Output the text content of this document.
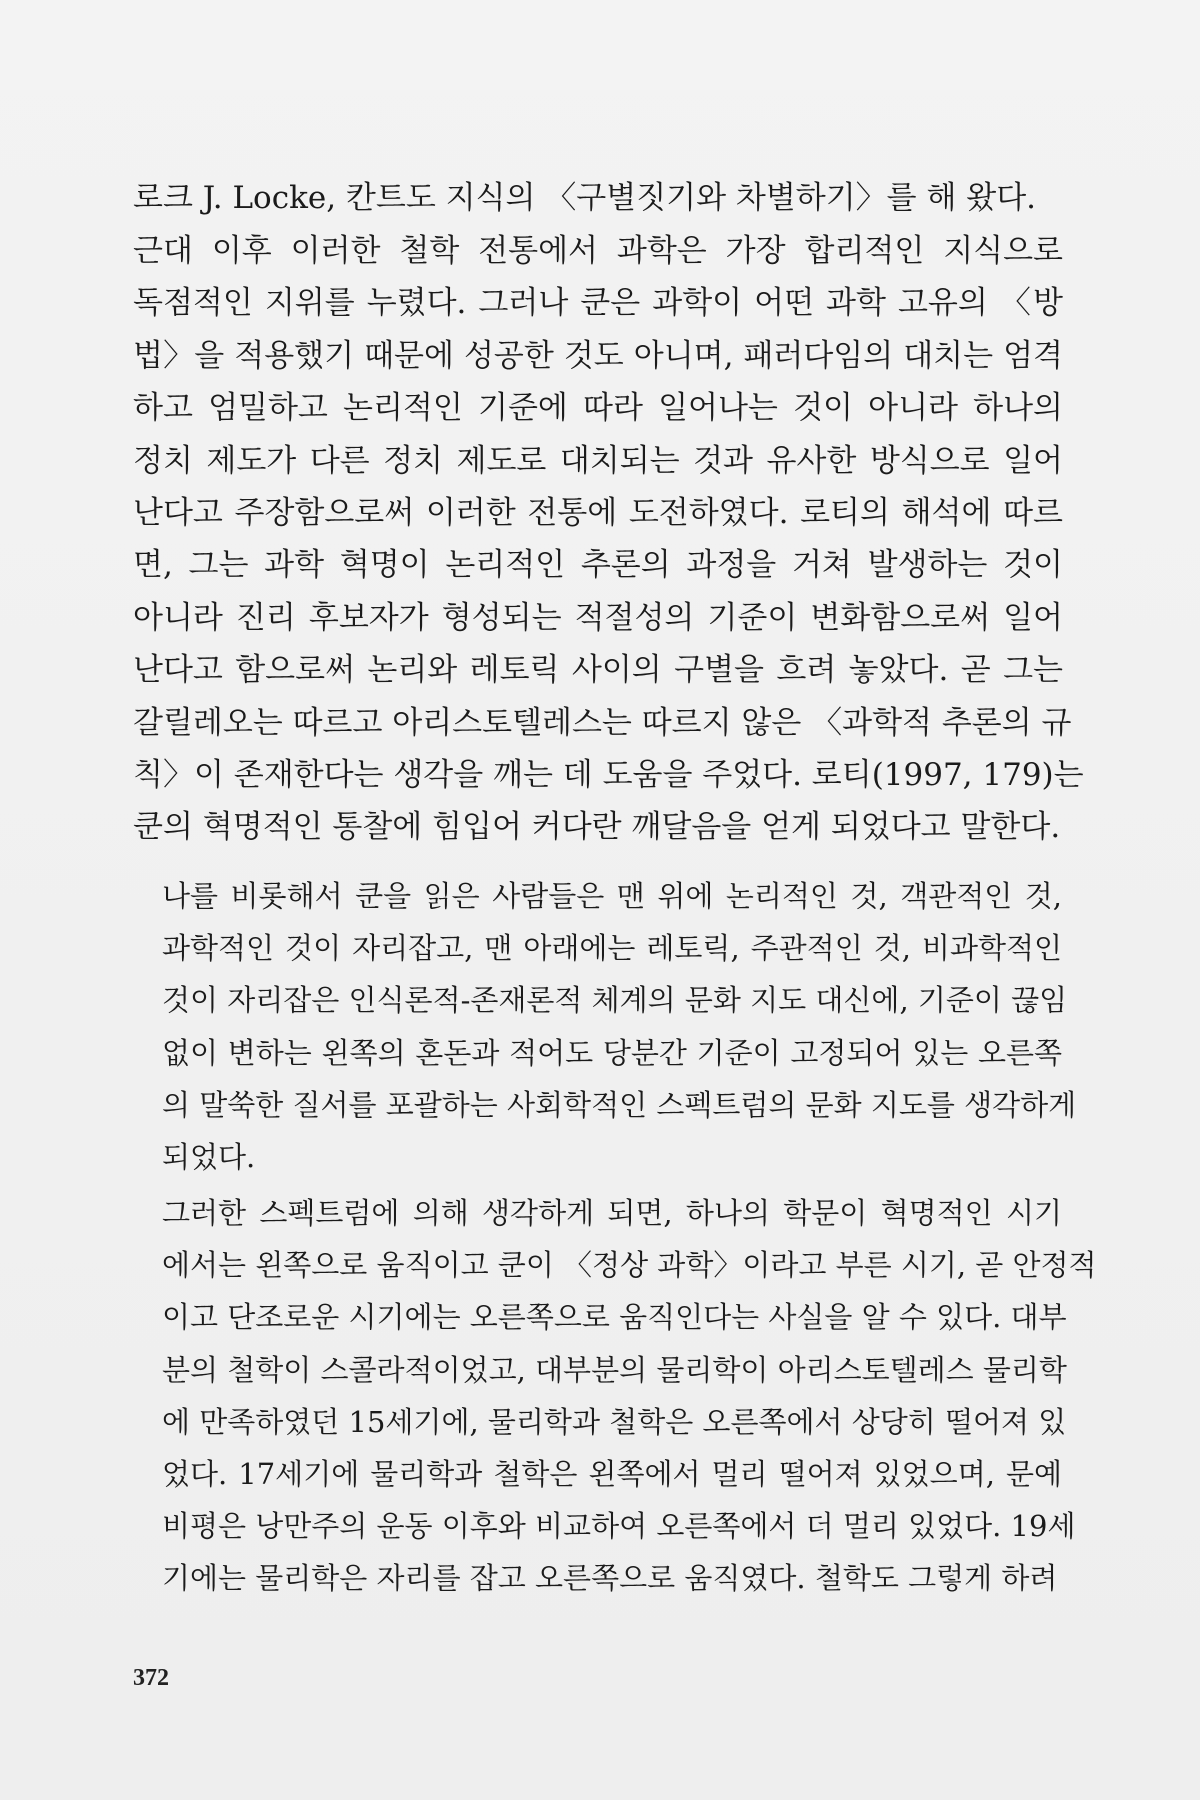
로크 J. Locke, 칸트도 지식의 〈구별짓기와 차별하기〉를 해 왔다.
근대 이후 이러한 철학 전통에서 과학은 가장 합리적인 지식으로
독점적인 지위를 누렸다. 그러나 쿤은 과학이 어떤 과학 고유의 〈방
법〉을 적용했기 때문에 성공한 것도 아니며, 패러다임의 대치는 엄격
하고 엄밀하고 논리적인 기준에 따라 일어나는 것이 아니라 하나의
정치 제도가 다른 정치 제도로 대치되는 것과 유사한 방식으로 일어
난다고 주장함으로써 이러한 전통에 도전하였다. 로티의 해석에 따르
면, 그는 과학 혁명이 논리적인 추론의 과정을 거쳐 발생하는 것이
아니라 진리 후보자가 형성되는 적절성의 기준이 변화함으로써 일어
난다고 함으로써 논리와 레토릭 사이의 구별을 흐려 놓았다. 곧 그는
갈릴레오는 따르고 아리스토텔레스는 따르지 않은 〈과학적 추론의 규
칙〉이 존재한다는 생각을 깨는 데 도움을 주었다. 로티(1997, 179)는
쿤의 혁명적인 통찰에 힘입어 커다란 깨달음을 얻게 되었다고 말한다.
나를 비롯해서 쿤을 읽은 사람들은 맨 위에 논리적인 것, 객관적인 것,
과학적인 것이 자리잡고, 맨 아래에는 레토릭, 주관적인 것, 비과학적인
것이 자리잡은 인식론적-존재론적 체계의 문화 지도 대신에, 기준이 끊임
없이 변하는 왼쪽의 혼돈과 적어도 당분간 기준이 고정되어 있는 오른쪽
의 말쑥한 질서를 포괄하는 사회학적인 스펙트럼의 문화 지도를 생각하게
되었다.
그러한 스펙트럼에 의해 생각하게 되면, 하나의 학문이 혁명적인 시기
에서는 왼쪽으로 움직이고 쿤이 〈정상 과학〉이라고 부른 시기, 곧 안정적
이고 단조로운 시기에는 오른쪽으로 움직인다는 사실을 알 수 있다. 대부
분의 철학이 스콜라적이었고, 대부분의 물리학이 아리스토텔레스 물리학
에 만족하였던 15세기에, 물리학과 철학은 오른쪽에서 상당히 떨어져 있
었다. 17세기에 물리학과 철학은 왼쪽에서 멀리 떨어져 있었으며, 문예
비평은 낭만주의 운동 이후와 비교하여 오른쪽에서 더 멀리 있었다. 19세
기에는 물리학은 자리를 잡고 오른쪽으로 움직였다. 철학도 그렇게 하려
372
